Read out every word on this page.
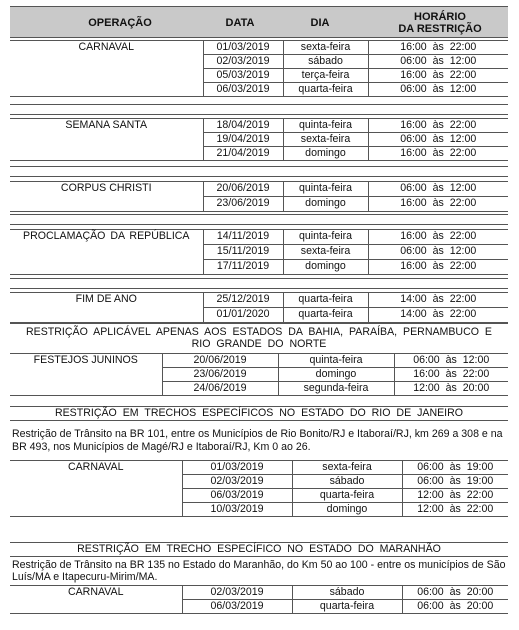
OPERAÇÃO	DATA	DIA	HORÁRIO
DA RESTRIÇÃO
CARNAVAL	01/03/2019	sexta-feira	16:00 às 22:00
	02/03/2019	sábado	06:00 às 12:00
	05/03/2019	terça-feira	16:00 às 22:00
	06/03/2019	quarta-feira	06:00 às 12:00
SEMANA SANTA	18/04/2019	quinta-feira	16:00 às 22:00
	19/04/2019	sexta-feira	06:00 às 12:00
	21/04/2019	domingo	16:00 às 22:00
CORPUS CHRISTI	20/06/2019	quinta-feira	06:00 às 12:00
	23/06/2019	domingo	16:00 às 22:00
PROCLAMAÇÃO DA REPÚBLICA	14/11/2019	quinta-feira	16:00 às 22:00
	15/11/2019	sexta-feira	06:00 às 12:00
	17/11/2019	domingo	16:00 às 22:00
FIM DE ANO	25/12/2019	quarta-feira	14:00 às 22:00
	01/01/2020	quarta-feira	14:00 às 22:00
RESTRIÇÃO APLICÁVEL APENAS AOS ESTADOS DA BAHIA, PARAÍBA, PERNAMBUCO E RIO GRANDE DO NORTE			
FESTEJOS JUNINOS	20/06/2019	quinta-feira	06:00 às 12:00
	23/06/2019	domingo	16:00 às 22:00
	24/06/2019	segunda-feira	12:00 às 20:00
RESTRIÇÃO EM TRECHOS ESPECÍFICOS NO ESTADO DO RIO DE JANEIRO			
Restrição de Trânsito na BR 101, entre os Municípios de Rio Bonito/RJ e Itaboraí/RJ, km 269 a 308 e na BR 493, nos Municípios de Magé/RJ e Itaboraí/RJ, Km 0 ao 26.			
CARNAVAL	01/03/2019	sexta-feira	06:00 às 19:00
	02/03/2019	sábado	06:00 às 19:00
	06/03/2019	quarta-feira	12:00 às 22:00
	10/03/2019	domingo	12:00 às 22:00
RESTRIÇÃO EM TRECHO ESPECÍFICO NO ESTADO DO MARANHÃO			
Restrição de Trânsito na BR 135 no Estado do Maranhão, do Km 50 ao 100 - entre os municípios de São Luís/MA e Itapecuru-Mirim/MA.			
CARNAVAL	02/03/2019	sábado	06:00 às 20:00
	06/03/2019	quarta-feira	06:00 às 20:00
